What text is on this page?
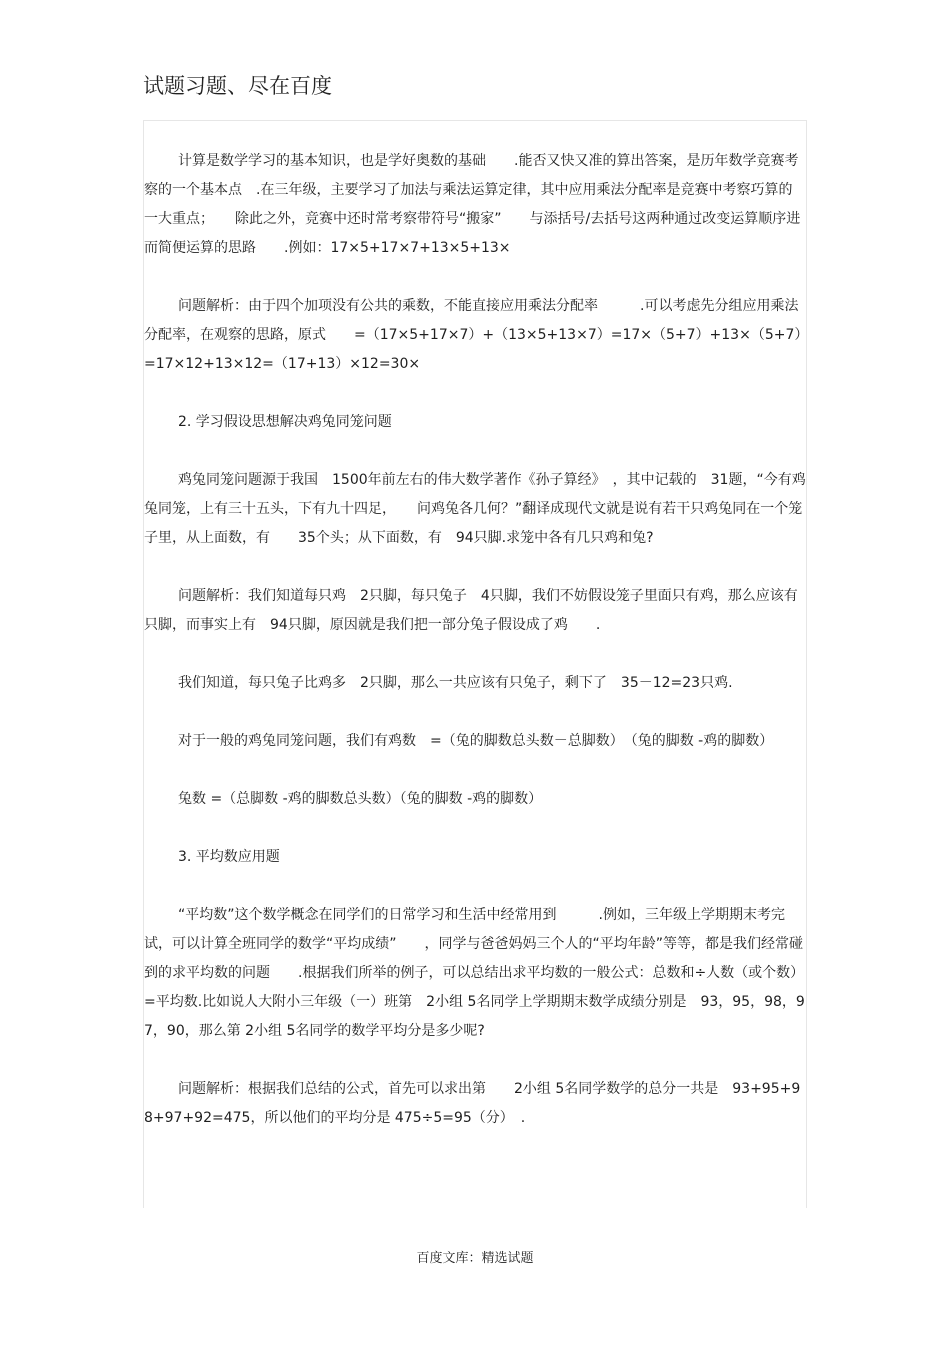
试题习题、尽在百度

计算是数学学习的基本知识，也是学好奥数的基础　　.能否又快又准的算出答案，是历年数学竞赛考察的一个基本点　.在三年级，主要学习了加法与乘法运算定律，其中应用乘法分配率是竞赛中考察巧算的一大重点；　　除此之外，竞赛中还时常考察带符号“搬家”　　与添括号/去括号这两种通过改变运算顺序进而简便运算的思路　　.例如：17×5+17×7+13×5+13×

问题解析：由于四个加项没有公共的乘数，不能直接应用乘法分配率　　　.可以考虑先分组应用乘法分配率，在观察的思路，原式　　=（17×5+17×7）+（13×5+13×7）=17×（5+7）+13×（5+7）=17×12+13×12=（17+13）×12=30×

2. 学习假设思想解决鸡兔同笼问题

鸡兔同笼问题源于我国　1500年前左右的伟大数学著作《孙子算经》　，其中记载的　31题，“今有鸡兔同笼，上有三十五头，下有九十四足，　　问鸡兔各几何？”翻译成现代文就是说有若干只鸡兔同在一个笼子里，从上面数，有　　35个头；从下面数，有　94只脚.求笼中各有几只鸡和兔?

问题解析：我们知道每只鸡　2只脚，每只兔子　4只脚，我们不妨假设笼子里面只有鸡，那么应该有只脚，而事实上有　94只脚，原因就是我们把一部分兔子假设成了鸡　　.

我们知道，每只兔子比鸡多　2只脚，那么一共应该有只兔子，剩下了　35－12=23只鸡.

对于一般的鸡兔同笼问题，我们有鸡数　=（兔的脚数总头数－总脚数）　（兔的脚数 -鸡的脚数）

兔数 =（总脚数 -鸡的脚数总头数）（兔的脚数 -鸡的脚数）

3. 平均数应用题

“平均数”这个数学概念在同学们的日常学习和生活中经常用到　　　.例如，三年级上学期期末考完试，可以计算全班同学的数学“平均成绩”　　，同学与爸爸妈妈三个人的“平均年龄”等等，都是我们经常碰到的求平均数的问题　　.根据我们所举的例子，可以总结出求平均数的一般公式：总数和÷人数（或个数）　=平均数.比如说人大附小三年级（一）班第　2小组 5名同学上学期期末数学成绩分别是　93，95，98，97，90，那么第 2小组 5名同学的数学平均分是多少呢?

问题解析：根据我们总结的公式，首先可以求出第　　2小组 5名同学数学的总分一共是　93+95+98+97+92=475，所以他们的平均分是 475÷5=95（分）　.

百度文库：精选试题
